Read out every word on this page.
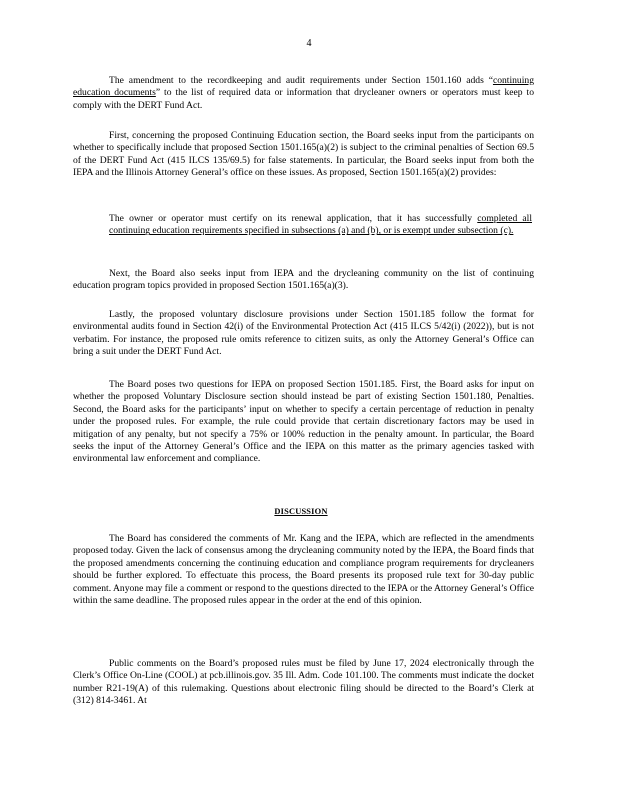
4

The amendment to the recordkeeping and audit requirements under Section 1501.160 adds “continuing education documents” to the list of required data or information that drycleaner owners or operators must keep to comply with the DERT Fund Act.

First, concerning the proposed Continuing Education section, the Board seeks input from the participants on whether to specifically include that proposed Section 1501.165(a)(2) is subject to the criminal penalties of Section 69.5 of the DERT Fund Act (415 ILCS 135/69.5) for false statements. In particular, the Board seeks input from both the IEPA and the Illinois Attorney General’s office on these issues. As proposed, Section 1501.165(a)(2) provides:

The owner or operator must certify on its renewal application, that it has successfully completed all continuing education requirements specified in subsections (a) and (b), or is exempt under subsection (c).

Next, the Board also seeks input from IEPA and the drycleaning community on the list of continuing education program topics provided in proposed Section 1501.165(a)(3).

Lastly, the proposed voluntary disclosure provisions under Section 1501.185 follow the format for environmental audits found in Section 42(i) of the Environmental Protection Act (415 ILCS 5/42(i) (2022)), but is not verbatim. For instance, the proposed rule omits reference to citizen suits, as only the Attorney General’s Office can bring a suit under the DERT Fund Act.

The Board poses two questions for IEPA on proposed Section 1501.185. First, the Board asks for input on whether the proposed Voluntary Disclosure section should instead be part of existing Section 1501.180, Penalties. Second, the Board asks for the participants’ input on whether to specify a certain percentage of reduction in penalty under the proposed rules. For example, the rule could provide that certain discretionary factors may be used in mitigation of any penalty, but not specify a 75% or 100% reduction in the penalty amount. In particular, the Board seeks the input of the Attorney General’s Office and the IEPA on this matter as the primary agencies tasked with environmental law enforcement and compliance.

DISCUSSION

The Board has considered the comments of Mr. Kang and the IEPA, which are reflected in the amendments proposed today. Given the lack of consensus among the drycleaning community noted by the IEPA, the Board finds that the proposed amendments concerning the continuing education and compliance program requirements for drycleaners should be further explored. To effectuate this process, the Board presents its proposed rule text for 30-day public comment. Anyone may file a comment or respond to the questions directed to the IEPA or the Attorney General’s Office within the same deadline. The proposed rules appear in the order at the end of this opinion.

Public comments on the Board’s proposed rules must be filed by June 17, 2024 electronically through the Clerk’s Office On-Line (COOL) at pcb.illinois.gov. 35 Ill. Adm. Code 101.100. The comments must indicate the docket number R21-19(A) of this rulemaking. Questions about electronic filing should be directed to the Board’s Clerk at (312) 814-3461. At
